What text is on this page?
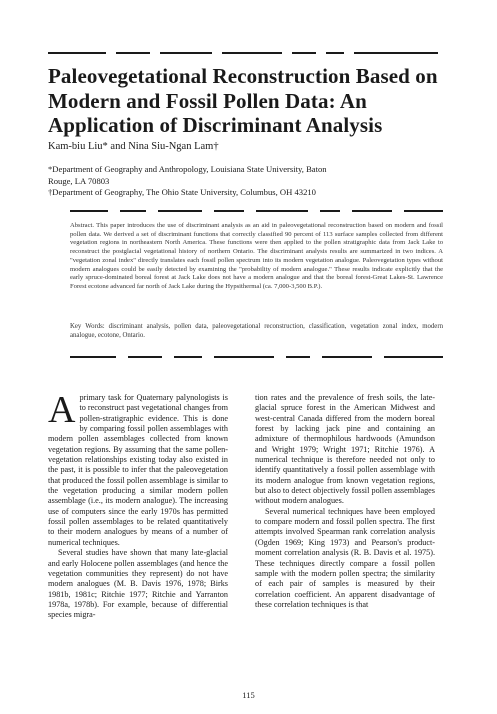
Paleovegetational Reconstruction Based on
Modern and Fossil Pollen Data: An
Application of Discriminant Analysis
Kam-biu Liu* and Nina Siu-Ngan Lam†
*Department of Geography and Anthropology, Louisiana State University, Baton
Rouge, LA 70803
†Department of Geography, The Ohio State University, Columbus, OH 43210
Abstract. This paper introduces the use of discriminant analysis as an aid in paleovegetational reconstruction based on modern and fossil pollen data. We derived a set of discriminant functions that correctly classified 90 percent of 113 surface samples collected from different vegetation regions in northeastern North America. These functions were then applied to the pollen stratigraphic data from Jack Lake to reconstruct the postglacial vegetational history of northern Ontario. The discriminant analysis results are summarized in two indices. A "vegetation zonal index" directly translates each fossil pollen spectrum into its modern vegetation analogue. Paleovegetation types without modern analogues could be easily detected by examining the "probability of modern analogue." These results indicate explicitly that the early spruce-dominated boreal forest at Jack Lake does not have a modern analogue and that the boreal forest-Great Lakes-St. Lawrence Forest ecotone advanced far north of Jack Lake during the Hypsithermal (ca. 7,000-3,500 B.P.).
Key Words: discriminant analysis, pollen data, paleovegetational reconstruction, classification, vegetation zonal index, modern analogue, ecotone, Ontario.

Aprimary task for Quaternary palynologists is to reconstruct past vegetational changes from pollen-stratigraphic evidence. This is done by comparing fossil pollen assemblages with modern pollen assemblages collected from known vegetation regions. By assuming that the same pollen-vegetation relationships existing today also existed in the past, it is possible to infer that the paleovegetation that produced the fossil pollen assemblage is similar to the vegetation producing a similar modern pollen assemblage (i.e., its modern analogue). The increasing use of computers since the early 1970s has permitted fossil pollen assemblages to be related quantitatively to their modern analogues by means of a number of numerical techniques.

Several studies have shown that many late-glacial and early Holocene pollen assemblages (and hence the vegetation communities they represent) do not have modern analogues (M. B. Davis 1976, 1978; Birks 1981b, 1981c; Ritchie 1977; Ritchie and Yarranton 1978a, 1978b). For example, because of differential species migra-

tion rates and the prevalence of fresh soils, the late-glacial spruce forest in the American Midwest and west-central Canada differed from the modern boreal forest by lacking jack pine and containing an admixture of thermophilous hardwoods (Amundson and Wright 1979; Wright 1971; Ritchie 1976). A numerical technique is therefore needed not only to identify quantitatively a fossil pollen assemblage with its modern analogue from known vegetation regions, but also to detect objectively fossil pollen assemblages without modern analogues.

Several numerical techniques have been employed to compare modern and fossil pollen spectra. The first attempts involved Spearman rank correlation analysis (Ogden 1969; King 1973) and Pearson's product-moment correlation analysis (R. B. Davis et al. 1975). These techniques directly compare a fossil pollen sample with the modern pollen spectra; the similarity of each pair of samples is measured by their correlation coefficient. An apparent disadvantage of these correlation techniques is that

115
